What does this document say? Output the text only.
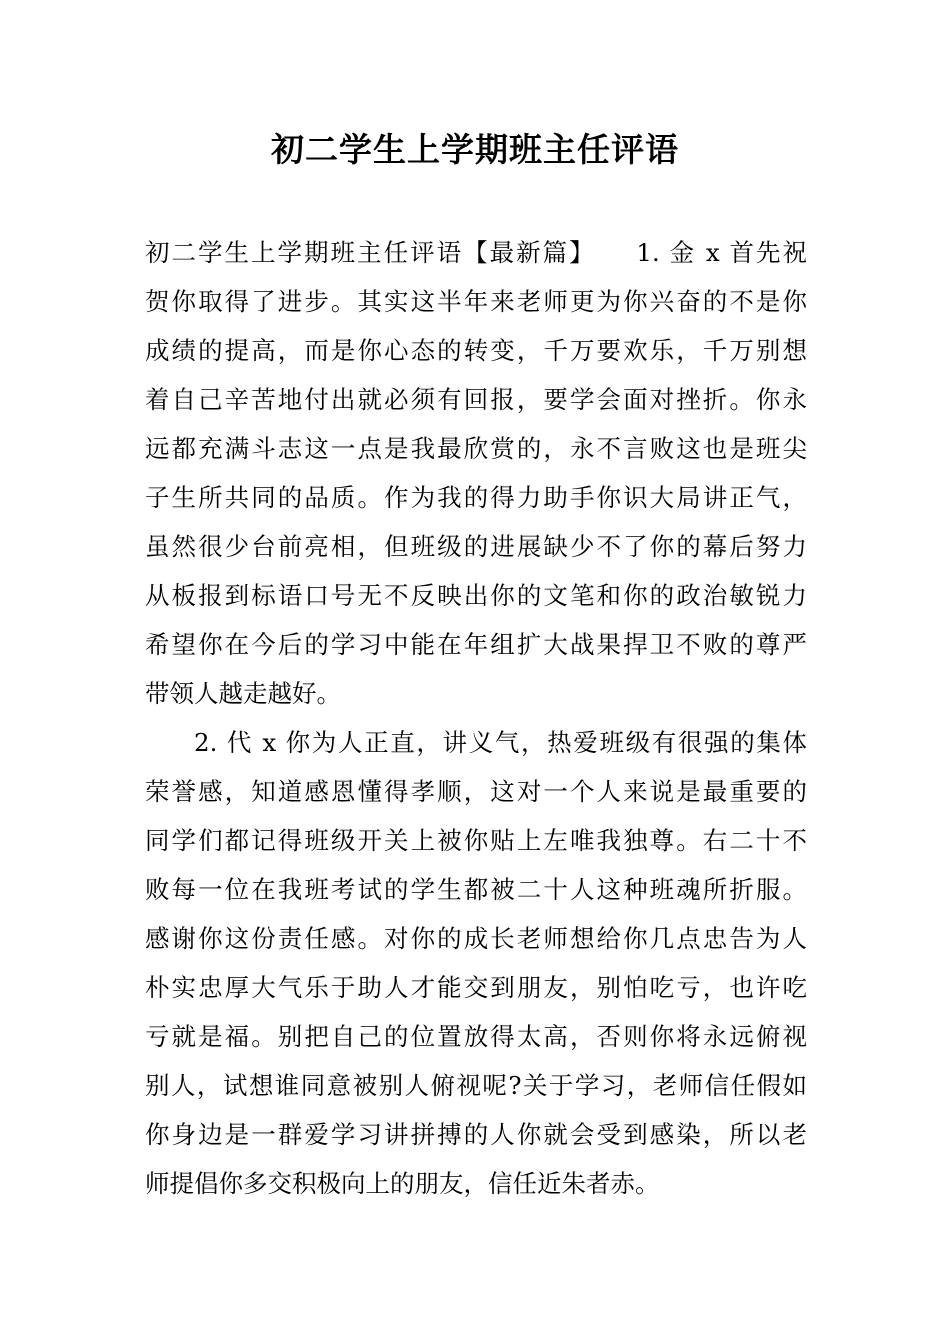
初二学生上学期班主任评语
初二学生上学期班主任评语【最新篇】　　1. 金 x 首先祝
贺你取得了进步。其实这半年来老师更为你兴奋的不是你
成绩的提高，而是你心态的转变，千万要欢乐，千万别想
着自己辛苦地付出就必须有回报，要学会面对挫折。你永
远都充满斗志这一点是我最欣赏的，永不言败这也是班尖
子生所共同的品质。作为我的得力助手你识大局讲正气，
虽然很少台前亮相，但班级的进展缺少不了你的幕后努力
从板报到标语口号无不反映出你的文笔和你的政治敏锐力
希望你在今后的学习中能在年组扩大战果捍卫不败的尊严
带领人越走越好。
2. 代 x 你为人正直，讲义气，热爱班级有很强的集体
荣誉感，知道感恩懂得孝顺，这对一个人来说是最重要的
同学们都记得班级开关上被你贴上左唯我独尊。右二十不
败每一位在我班考试的学生都被二十人这种班魂所折服。
感谢你这份责任感。对你的成长老师想给你几点忠告为人
朴实忠厚大气乐于助人才能交到朋友，别怕吃亏，也许吃
亏就是福。别把自己的位置放得太高，否则你将永远俯视
别人，试想谁同意被别人俯视呢?关于学习，老师信任假如
你身边是一群爱学习讲拼搏的人你就会受到感染，所以老
师提倡你多交积极向上的朋友，信任近朱者赤。
